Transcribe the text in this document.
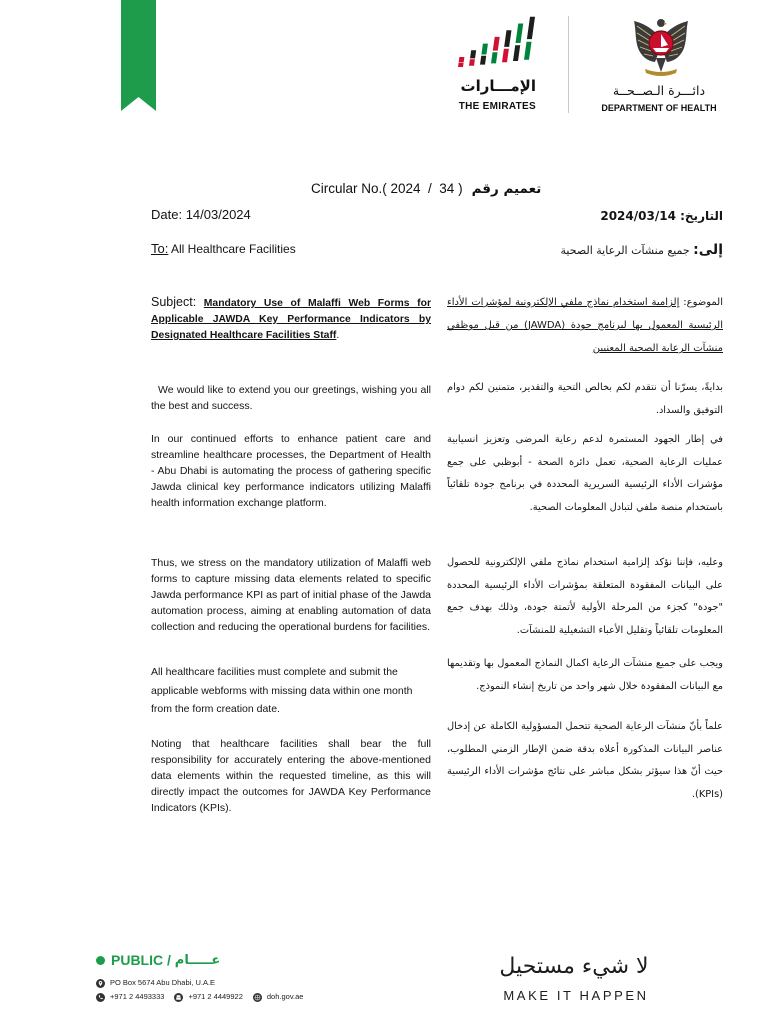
الإمـــارات
THE EMIRATES
دائـــرة الـصــحــة
DEPARTMENT OF HEALTH
Circular No.( 2024  /  34 ) تعميم رقم
Date: 14/03/2024	التاريخ: 2024/03/14
To: All Healthcare Facilities	إلى: جميع منشآت الرعاية الصحية
Subject: Mandatory Use of Malaffi Web Forms for Applicable JAWDA Key Performance Indicators by Designated Healthcare Facilities Staff.
الموضوع: إلزامية استخدام نماذج ملفي الإلكترونية لمؤشرات الأداء الرئيسية المعمول بها لبرنامج جودة (JAWDA) من قبل موظفي منشآت الرعاية الصحية المعنيين

We would like to extend you our greetings, wishing you all the best and success.

In our continued efforts to enhance patient care and streamline healthcare processes, the Department of Health - Abu Dhabi is automating the process of gathering specific Jawda clinical key performance indicators utilizing Malaffi health information exchange platform.

Thus, we stress on the mandatory utilization of Malaffi web forms to capture missing data elements related to specific Jawda performance KPI as part of initial phase of the Jawda automation process, aiming at enabling automation of data collection and reducing the operational burdens for facilities.

All healthcare facilities must complete and submit the applicable webforms with missing data within one month from the form creation date.

Noting that healthcare facilities shall bear the full responsibility for accurately entering the above-mentioned data elements within the requested timeline, as this will directly impact the outcomes for JAWDA Key Performance Indicators (KPIs).

بدايةً، يسرّنا أن نتقدم لكم بخالص التحية والتقدير، متمنين لكم دوام التوفيق والسداد.

في إطار الجهود المستمرة لدعم رعاية المرضى وتعزيز انسيابية عمليات الرعاية الصحية، تعمل دائرة الصحة - أبوظبي على جمع مؤشرات الأداء الرئيسية السريرية المحددة في برنامج جودة تلقائياً باستخدام منصة ملفي لتبادل المعلومات الصحية.

وعليه، فإننا نؤكد إلزامية استخدام نماذج ملفي الإلكترونية للحصول على البيانات المفقودة المتعلقة بمؤشرات الأداء الرئيسية المحددة "جودة" كجزء من المرحلة الأولية لأتمتة جودة، وذلك بهدف جمع المعلومات تلقائياً وتقليل الأعباء التشغيلية للمنشآت.

ويجب على جميع منشآت الرعاية اكمال النماذج المعمول بها وتقديمها مع البيانات المفقودة خلال شهر واحد من تاريخ إنشاء النموذج.

علماً بأنّ منشآت الرعاية الصحية تتحمل المسؤولية الكاملة عن إدخال عناصر البيانات المذكورة أعلاه بدقة ضمن الإطار الزمني المطلوب، حيث أنّ هذا سيؤثر بشكل مباشر على نتائج مؤشرات الأداء الرئيسية (KPIs).

PUBLIC / عـــــام
PO Box 5674 Abu Dhabi, U.A.E
+971 2 4493333	+971 2 4449922	doh.gov.ae
لا شيء مستحيل
MAKE IT HAPPEN
